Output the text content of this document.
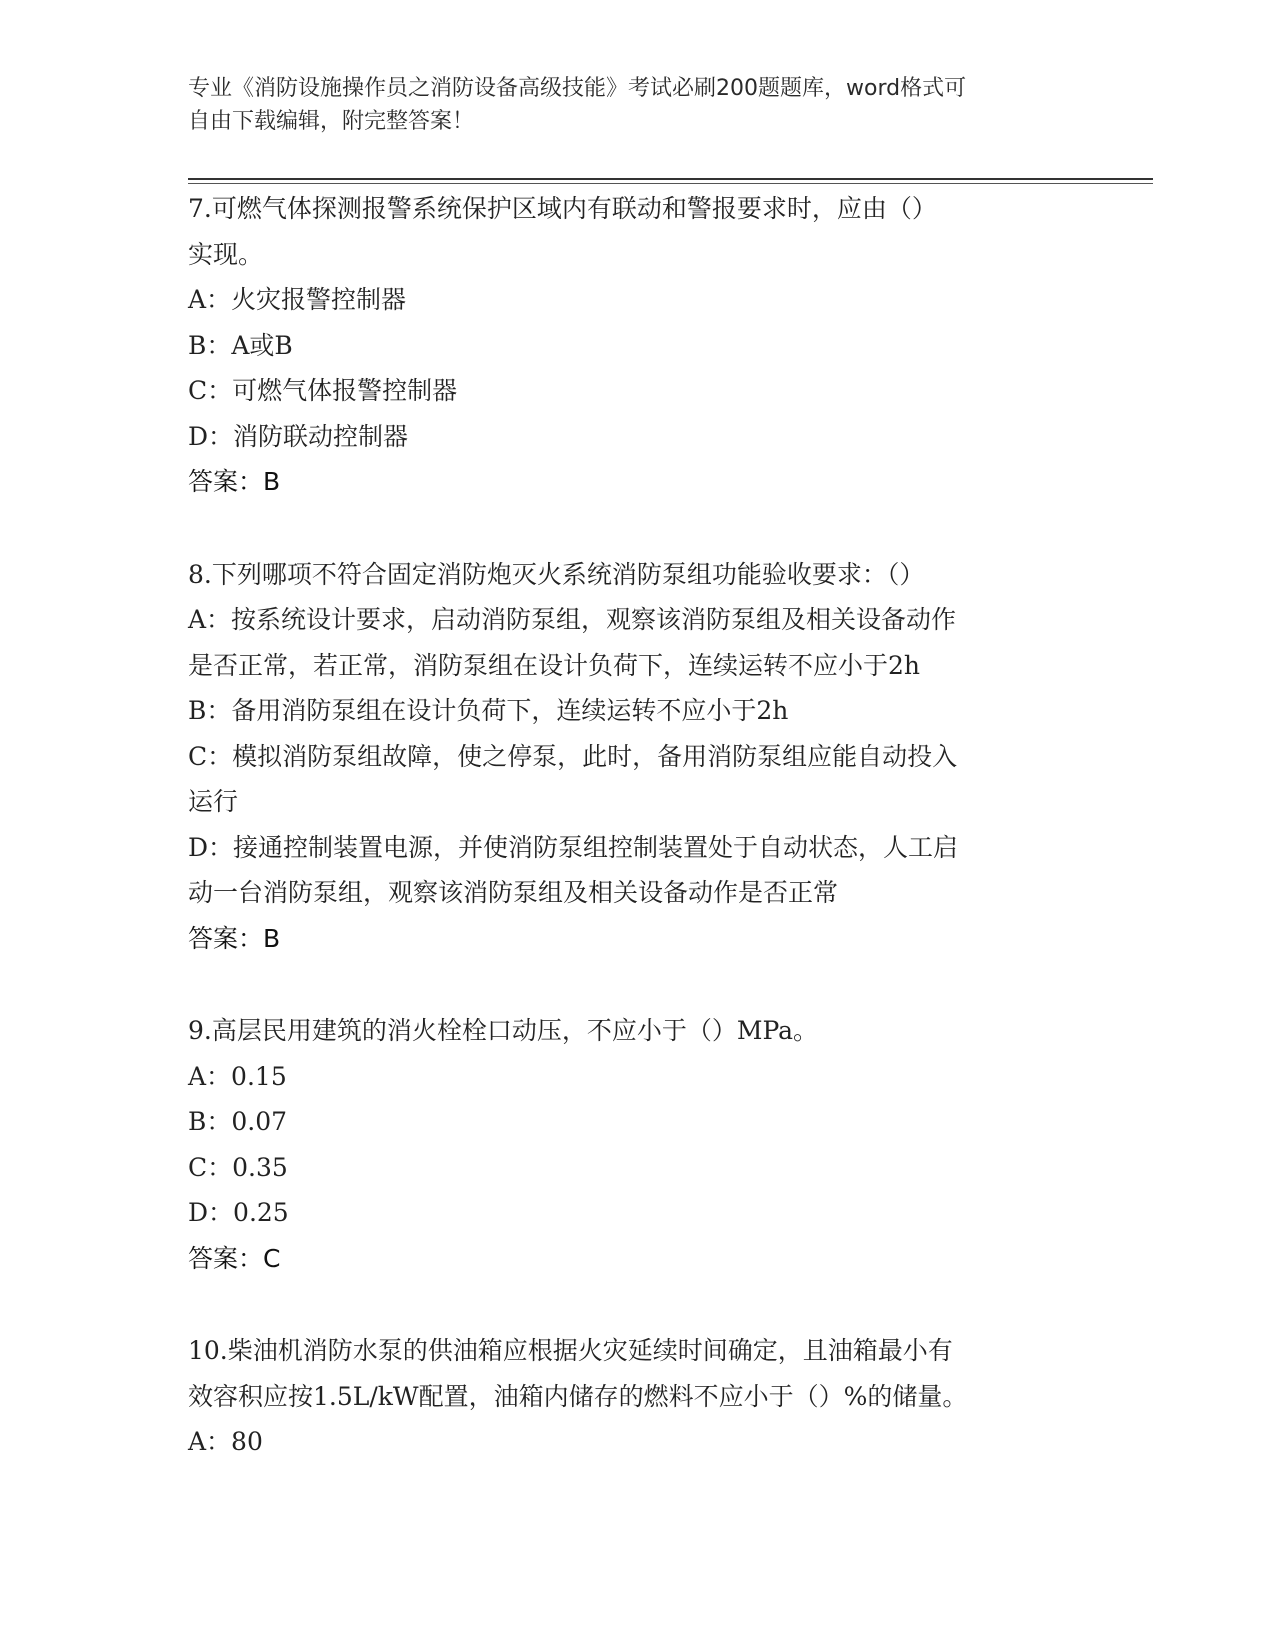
专业《消防设施操作员之消防设备高级技能》考试必刷200题题库，word格式可
自由下载编辑，附完整答案！

7.可燃气体探测报警系统保护区域内有联动和警报要求时，应由（）

实现。

A：火灾报警控制器

B：A或B

C：可燃气体报警控制器

D：消防联动控制器

答案：B

8.下列哪项不符合固定消防炮灭火系统消防泵组功能验收要求：（）

A：按系统设计要求，启动消防泵组，观察该消防泵组及相关设备动作

是否正常，若正常，消防泵组在设计负荷下，连续运转不应小于2h

B：备用消防泵组在设计负荷下，连续运转不应小于2h

C：模拟消防泵组故障，使之停泵，此时，备用消防泵组应能自动投入

运行

D：接通控制装置电源，并使消防泵组控制装置处于自动状态，人工启

动一台消防泵组，观察该消防泵组及相关设备动作是否正常

答案：B

9.高层民用建筑的消火栓栓口动压，不应小于（）MPa。

A：0.15

B：0.07

C：0.35

D：0.25

答案：C

10.柴油机消防水泵的供油箱应根据火灾延续时间确定，且油箱最小有

效容积应按1.5L/kW配置，油箱内储存的燃料不应小于（）%的储量。

A：80
